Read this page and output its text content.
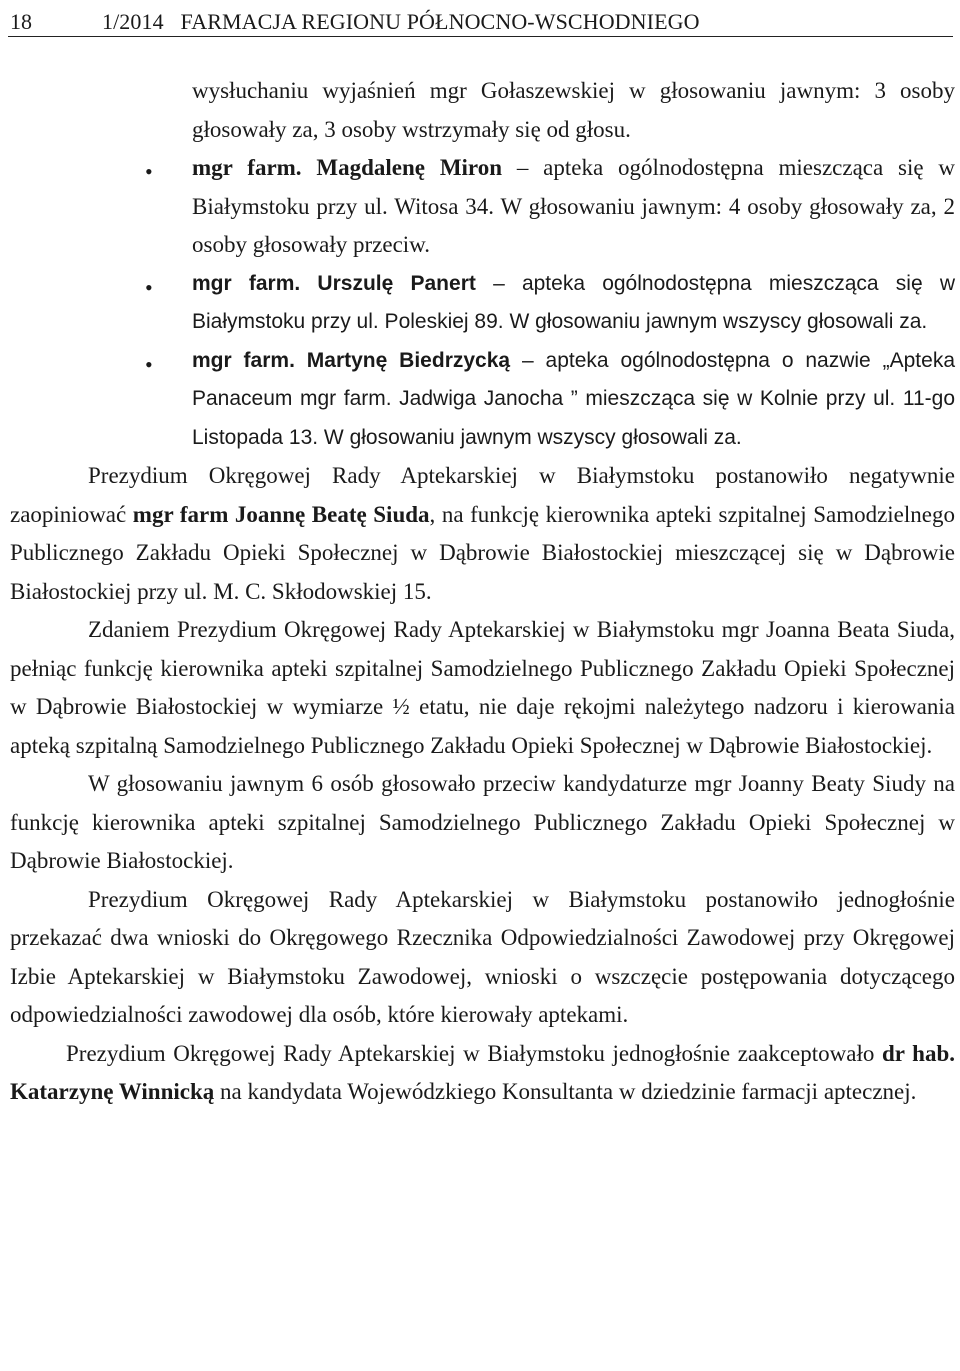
18	1/2014   FARMACJA REGIONU PÓŁNOCNO-WSCHODNIEGO

wysłuchaniu wyjaśnień mgr Gołaszewskiej w głosowaniu jawnym: 3 osoby głosowały za, 3 osoby wstrzymały się od głosu.

• mgr farm. Magdalenę Miron – apteka ogólnodostępna mieszcząca się w Białymstoku przy ul. Witosa 34. W głosowaniu jawnym: 4 osoby głosowały za, 2 osoby głosowały przeciw.

• mgr farm. Urszulę Panert – apteka ogólnodostępna mieszcząca się w Białymstoku przy ul. Poleskiej 89. W głosowaniu jawnym wszyscy głosowali za.

• mgr farm. Martynę Biedrzycką – apteka ogólnodostępna o nazwie „Apteka Panaceum mgr farm. Jadwiga Janocha ” mieszcząca się w Kolnie przy ul. 11-go Listopada 13. W głosowaniu jawnym wszyscy głosowali za.

Prezydium Okręgowej Rady Aptekarskiej w Białymstoku postanowiło negatywnie zaopiniować mgr farm Joannę Beatę Siuda, na funkcję kierownika apteki szpitalnej Samodzielnego Publicznego Zakładu Opieki Społecznej w Dąbrowie Białostockiej mieszczącej się w Dąbrowie Białostockiej przy ul. M. C. Skłodowskiej 15.

Zdaniem Prezydium Okręgowej Rady Aptekarskiej w Białymstoku mgr Joanna Beata Siuda, pełniąc funkcję kierownika apteki szpitalnej Samodzielnego Publicznego Zakładu Opieki Społecznej w Dąbrowie Białostockiej w wymiarze ½ etatu, nie daje rękojmi należytego nadzoru i kierowania apteką szpitalną Samodzielnego Publicznego Zakładu Opieki Społecznej w Dąbrowie Białostockiej.

W głosowaniu jawnym 6 osób głosowało przeciw kandydaturze mgr Joanny Beaty Siudy na funkcję kierownika apteki szpitalnej Samodzielnego Publicznego Zakładu Opieki Społecznej w Dąbrowie Białostockiej.

Prezydium Okręgowej Rady Aptekarskiej w Białymstoku postanowiło jednogłośnie przekazać dwa wnioski do Okręgowego Rzecznika Odpowiedzialności Zawodowej przy Okręgowej Izbie Aptekarskiej w Białymstoku Zawodowej, wnioski o wszczęcie postępowania dotyczącego odpowiedzialności zawodowej dla osób, które kierowały aptekami.

Prezydium Okręgowej Rady Aptekarskiej w Białymstoku jednogłośnie zaakceptowało dr hab. Katarzynę Winnicką na kandydata Wojewódzkiego Konsultanta w dziedzinie farmacji aptecznej.
